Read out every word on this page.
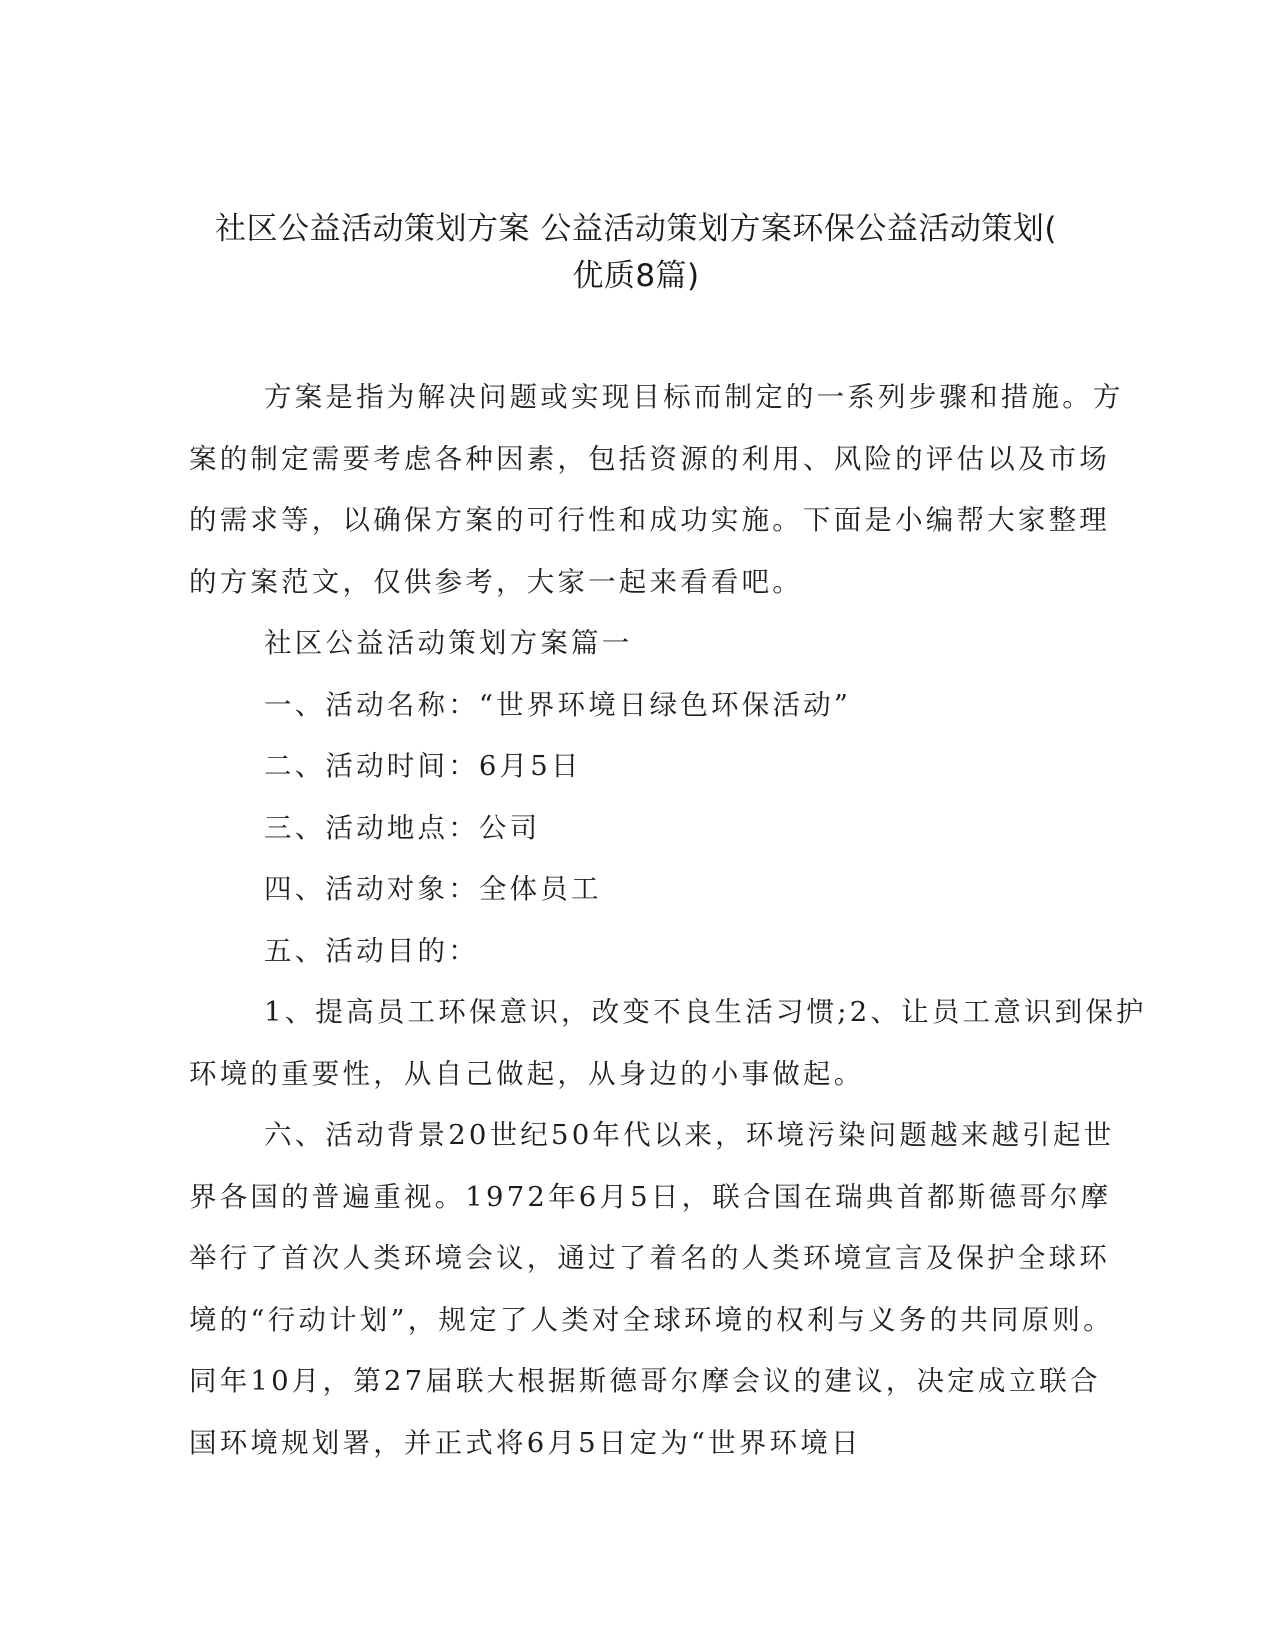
社区公益活动策划方案 公益活动策划方案环保公益活动策划(
优质8篇)
方案是指为解决问题或实现目标而制定的一系列步骤和措施。方
案的制定需要考虑各种因素，包括资源的利用、风险的评估以及市场
的需求等，以确保方案的可行性和成功实施。下面是小编帮大家整理
的方案范文，仅供参考，大家一起来看看吧。
社区公益活动策划方案篇一
一、活动名称：“世界环境日绿色环保活动”
二、活动时间：6月5日
三、活动地点：公司
四、活动对象：全体员工
五、活动目的：
1、提高员工环保意识，改变不良生活习惯;2、让员工意识到保护
环境的重要性，从自己做起，从身边的小事做起。
六、活动背景20世纪50年代以来，环境污染问题越来越引起世
界各国的普遍重视。1972年6月5日，联合国在瑞典首都斯德哥尔摩
举行了首次人类环境会议，通过了着名的人类环境宣言及保护全球环
境的“行动计划”，规定了人类对全球环境的权利与义务的共同原则。
同年10月，第27届联大根据斯德哥尔摩会议的建议，决定成立联合
国环境规划署，并正式将6月5日定为“世界环境日
